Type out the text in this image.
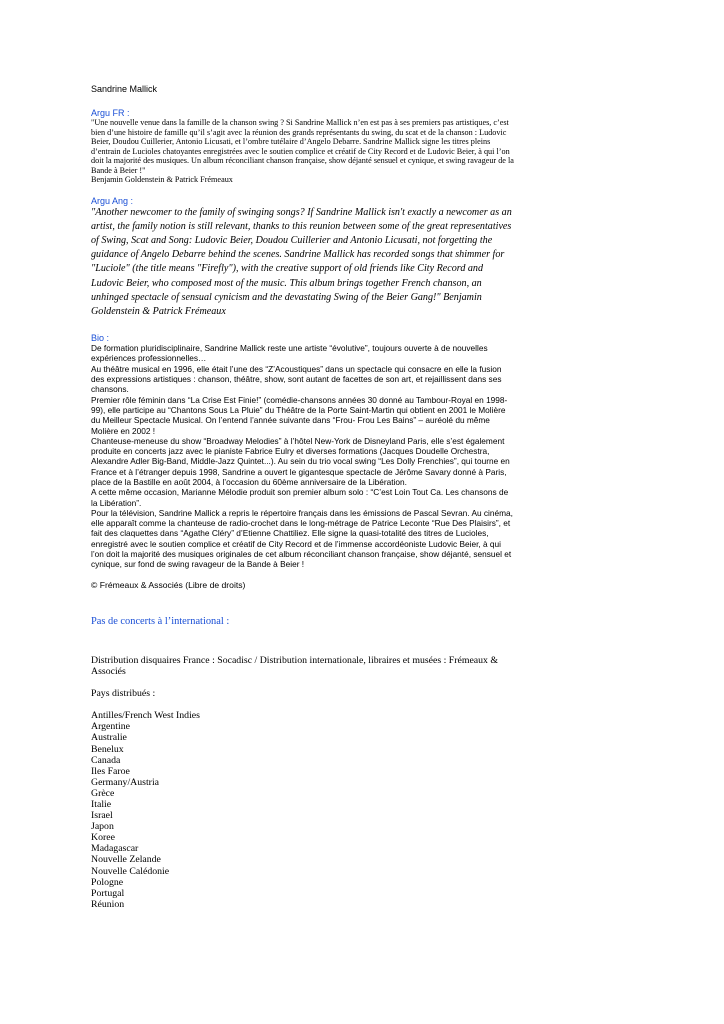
Sandrine Mallick

Argu FR :

"Une nouvelle venue dans la famille de la chanson swing ? Si Sandrine Mallick n’en est pas à ses premiers pas artistiques, c’est bien d’une histoire de famille qu’il s’agit avec la réunion des grands représentants du swing, du scat et de la chanson : Ludovic Beier, Doudou Cuillerier, Antonio Licusati, et l’ombre tutélaire d’Angelo Debarre. Sandrine Mallick signe les titres pleins d’entrain de Lucioles chatoyantes enregistrées avec le soutien complice et créatif de City Record et de Ludovic Beier, à qui l’on doit la majorité des musiques. Un album réconciliant chanson française, show déjanté sensuel et cynique, et swing ravageur de la Bande à Beier !"

Benjamin Goldenstein & Patrick Frémeaux

Argu Ang :

"Another newcomer to the family of swinging songs? If Sandrine Mallick isn't exactly a newcomer as an artist, the family notion is still relevant, thanks to this reunion between some of the great representatives of Swing, Scat and Song: Ludovic Beier, Doudou Cuillerier and Antonio Licusati, not forgetting the guidance of Angelo Debarre behind the scenes. Sandrine Mallick has recorded songs that shimmer for "Luciole" (the title means "Firefly"), with the creative support of old friends like City Record and Ludovic Beier, who composed most of the music. This album brings together French chanson, an unhinged spectacle of sensual cynicism and the devastating Swing of the Beier Gang!" Benjamin Goldenstein & Patrick Frémeaux

Bio :

De formation pluridisciplinaire, Sandrine Mallick reste une artiste “évolutive”, toujours ouverte à de nouvelles expériences professionnelles…

Au théâtre musical en 1996, elle était l’une des “Z’Acoustiques” dans un spectacle qui consacre en elle la fusion des expressions artistiques : chanson, théâtre, show, sont autant de facettes de son art, et rejaillissent dans ses chansons.

Premier rôle féminin dans “La Crise Est Finie!” (comédie-chansons années 30 donné au Tambour-Royal en 1998-99), elle participe au “Chantons Sous La Pluie” du Théâtre de la Porte Saint-Martin qui obtient en 2001 le Molière du Meilleur Spectacle Musical. On l’entend l’année suivante dans “Frou- Frou Les Bains” – auréolé du même Molière en 2002 !

Chanteuse-meneuse du show “Broadway Melodies” à l’hôtel New-York de Disneyland Paris, elle s’est également produite en concerts jazz avec le pianiste Fabrice Eulry et diverses formations (Jacques Doudelle Orchestra, Alexandre Adler Big-Band, Middle-Jazz Quintet...). Au sein du trio vocal swing “Les Dolly Frenchies”, qui tourne en France et à l’étranger depuis 1998, Sandrine a ouvert le gigantesque spectacle de Jérôme Savary donné à Paris, place de la Bastille en août 2004, à l’occasion du 60ème anniversaire de la Libération.

A cette même occasion, Marianne Mélodie produit son premier album solo : “C’est Loin Tout Ca. Les chansons de la Libération”.

Pour la télévision, Sandrine Mallick a repris le répertoire français dans les émissions de Pascal Sevran. Au cinéma, elle apparaît comme la chanteuse de radio-crochet dans le long-métrage de Patrice Leconte “Rue Des Plaisirs”, et fait des claquettes dans “Agathe Cléry” d’Etienne Chattiliez. Elle signe la quasi-totalité des titres de Lucioles, enregistré avec le soutien complice et créatif de City Record et de l’immense accordéoniste Ludovic Beier, à qui l’on doit la majorité des musiques originales de cet album réconciliant chanson française, show déjanté, sensuel et cynique, sur fond de swing ravageur de la Bande à Beier !

© Frémeaux & Associés (Libre de droits)

Pas de concerts à l’international :

Distribution disquaires France : Socadisc / Distribution internationale, libraires et musées : Frémeaux & Associés

Pays distribués :

Antilles/French West Indies
Argentine
Australie
Benelux
Canada
Iles Faroe
Germany/Austria
Grèce
Italie
Israel
Japon
Koree
Madagascar
Nouvelle Zelande
Nouvelle Calédonie
Pologne
Portugal
Réunion
